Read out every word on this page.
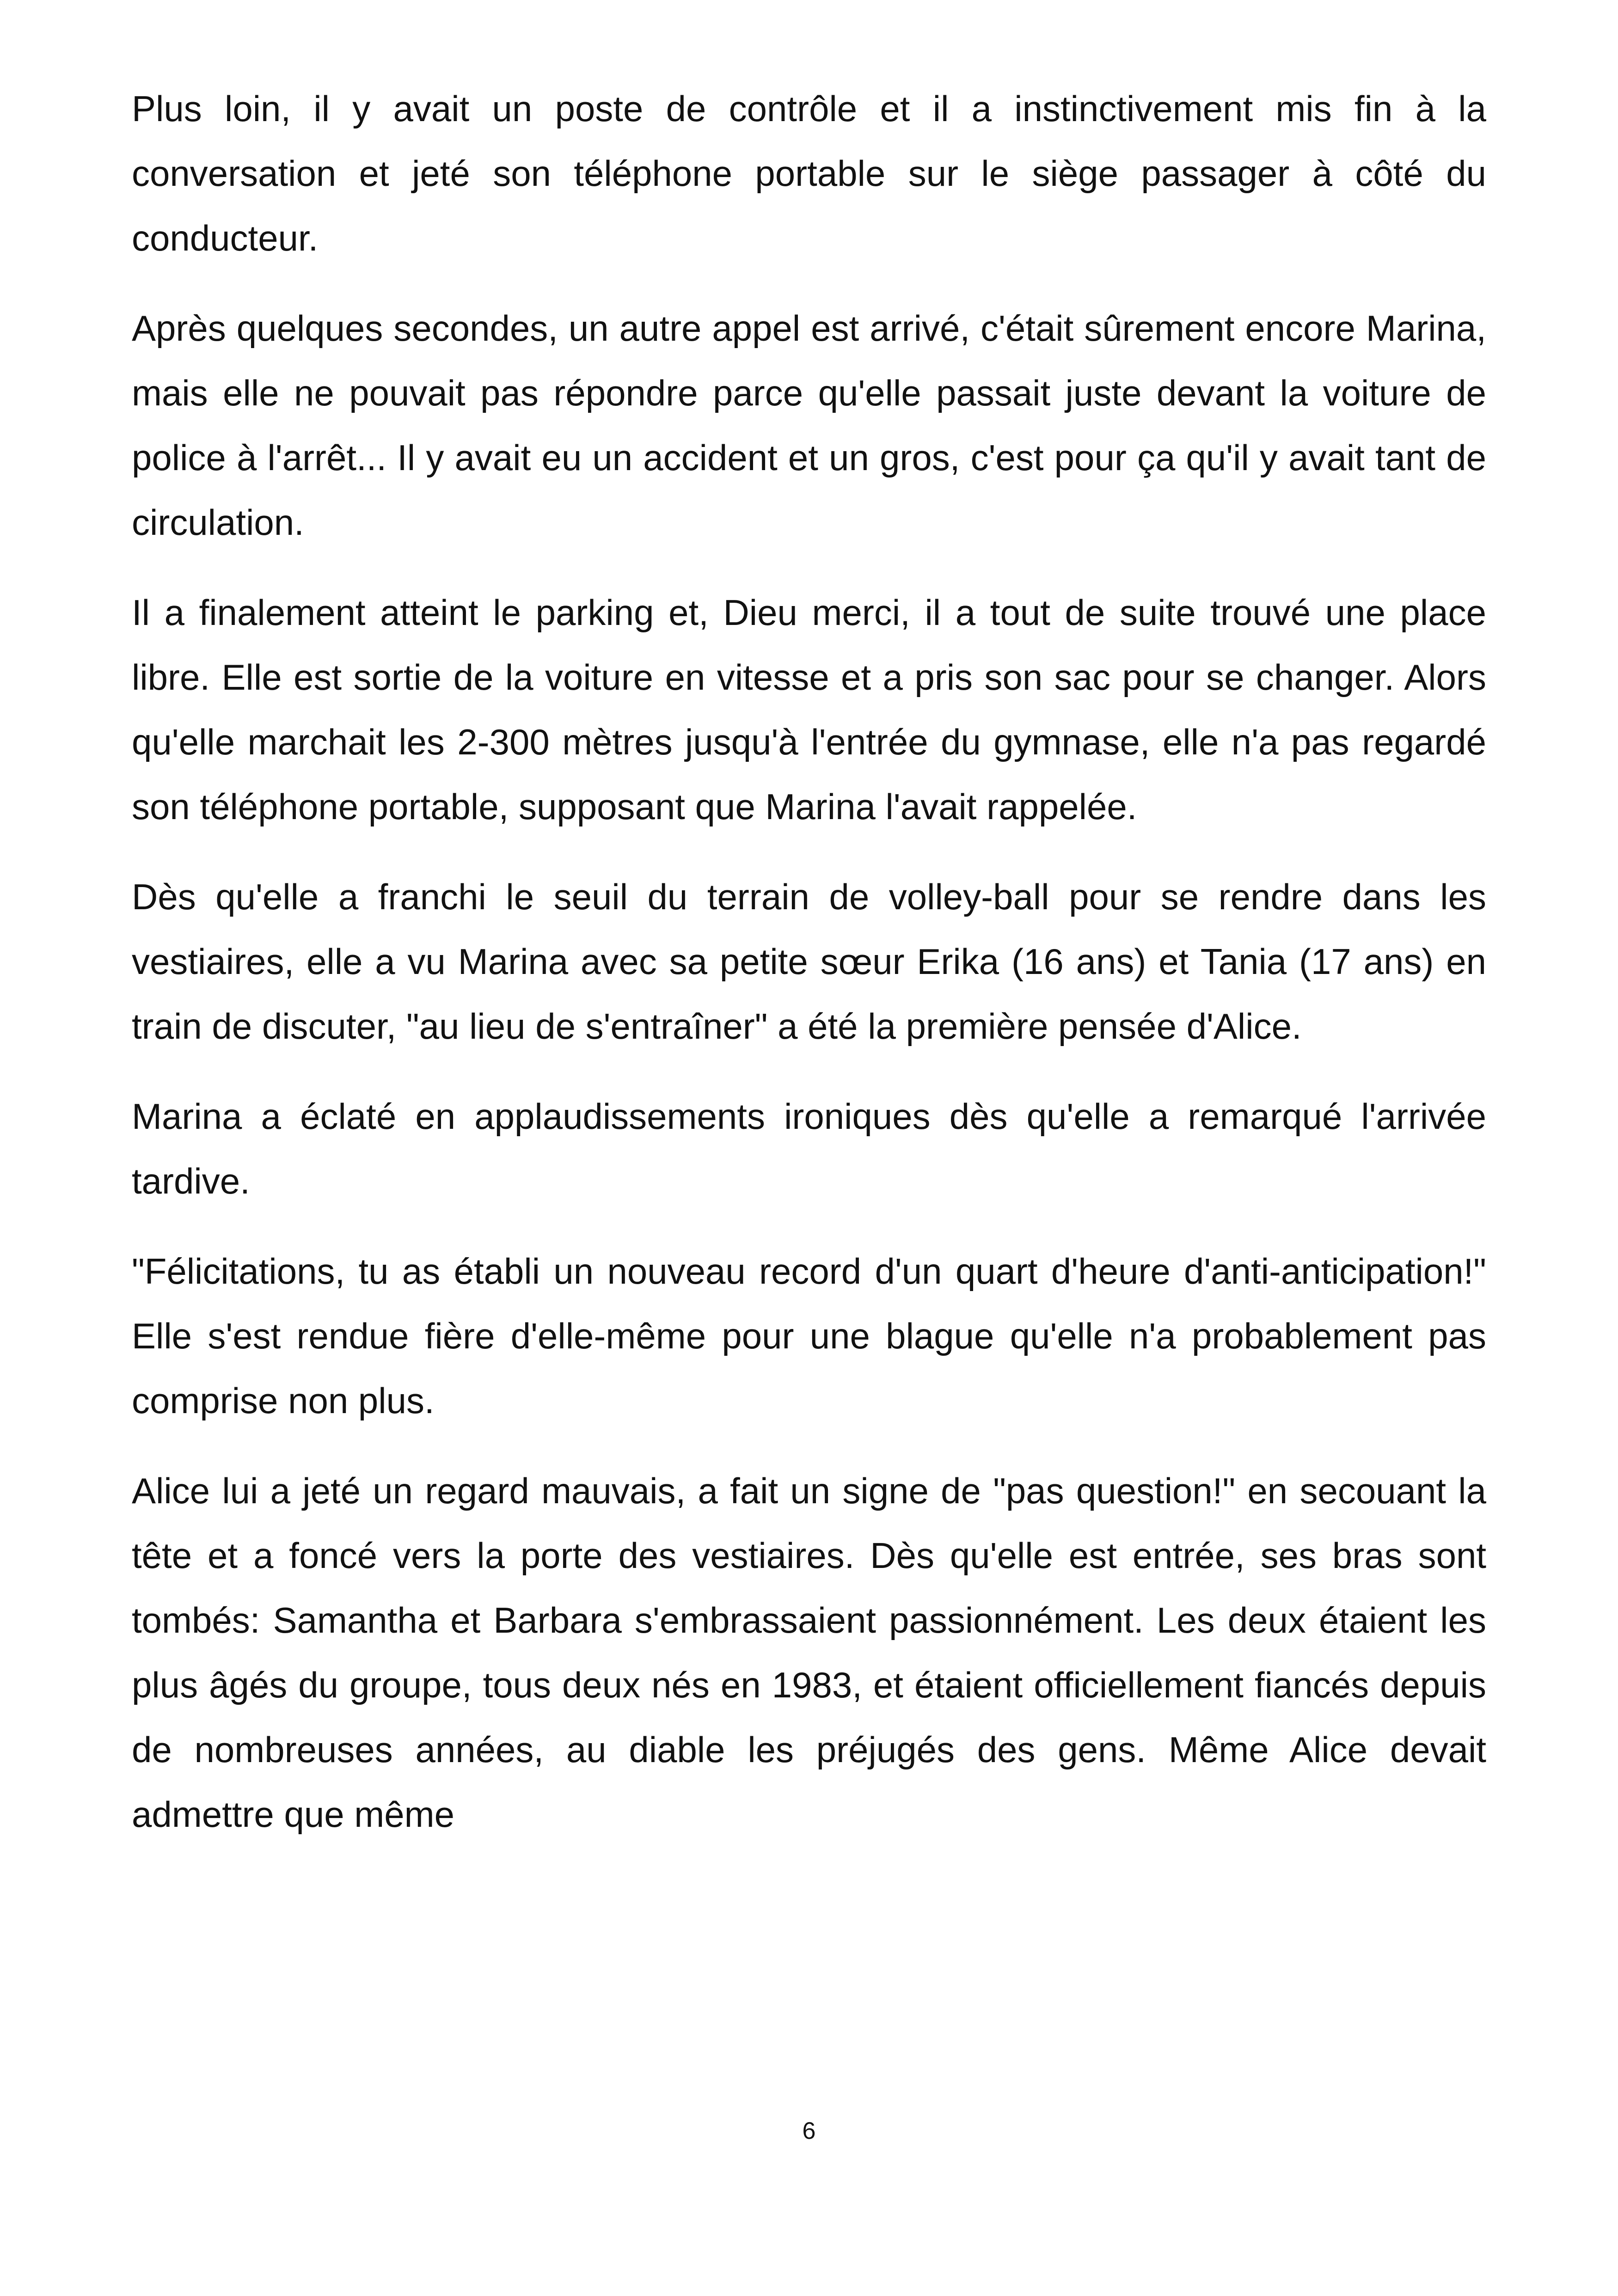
Plus loin, il y avait un poste de contrôle et il a instinctivement mis fin à la conversation et jeté son téléphone portable sur le siège passager à côté du conducteur.

Après quelques secondes, un autre appel est arrivé, c'était sûrement encore Marina, mais elle ne pouvait pas répondre parce qu'elle passait juste devant la voiture de police à l'arrêt... Il y avait eu un accident et un gros, c'est pour ça qu'il y avait tant de circulation.

Il a finalement atteint le parking et, Dieu merci, il a tout de suite trouvé une place libre. Elle est sortie de la voiture en vitesse et a pris son sac pour se changer. Alors qu'elle marchait les 2-300 mètres jusqu'à l'entrée du gymnase, elle n'a pas regardé son téléphone portable, supposant que Marina l'avait rappelée.

Dès qu'elle a franchi le seuil du terrain de volley-ball pour se rendre dans les vestiaires, elle a vu Marina avec sa petite sœur Erika (16 ans) et Tania (17 ans) en train de discuter, "au lieu de s'entraîner" a été la première pensée d'Alice.

Marina a éclaté en applaudissements ironiques dès qu'elle a remarqué l'arrivée tardive.

"Félicitations, tu as établi un nouveau record d'un quart d'heure d'anti-anticipation!" Elle s'est rendue fière d'elle-même pour une blague qu'elle n'a probablement pas comprise non plus.

Alice lui a jeté un regard mauvais, a fait un signe de "pas question!" en secouant la tête et a foncé vers la porte des vestiaires. Dès qu'elle est entrée, ses bras sont tombés: Samantha et Barbara s'embrassaient passionnément. Les deux étaient les plus âgés du groupe, tous deux nés en 1983, et étaient officiellement fiancés depuis de nombreuses années, au diable les préjugés des gens. Même Alice devait admettre que même

6
